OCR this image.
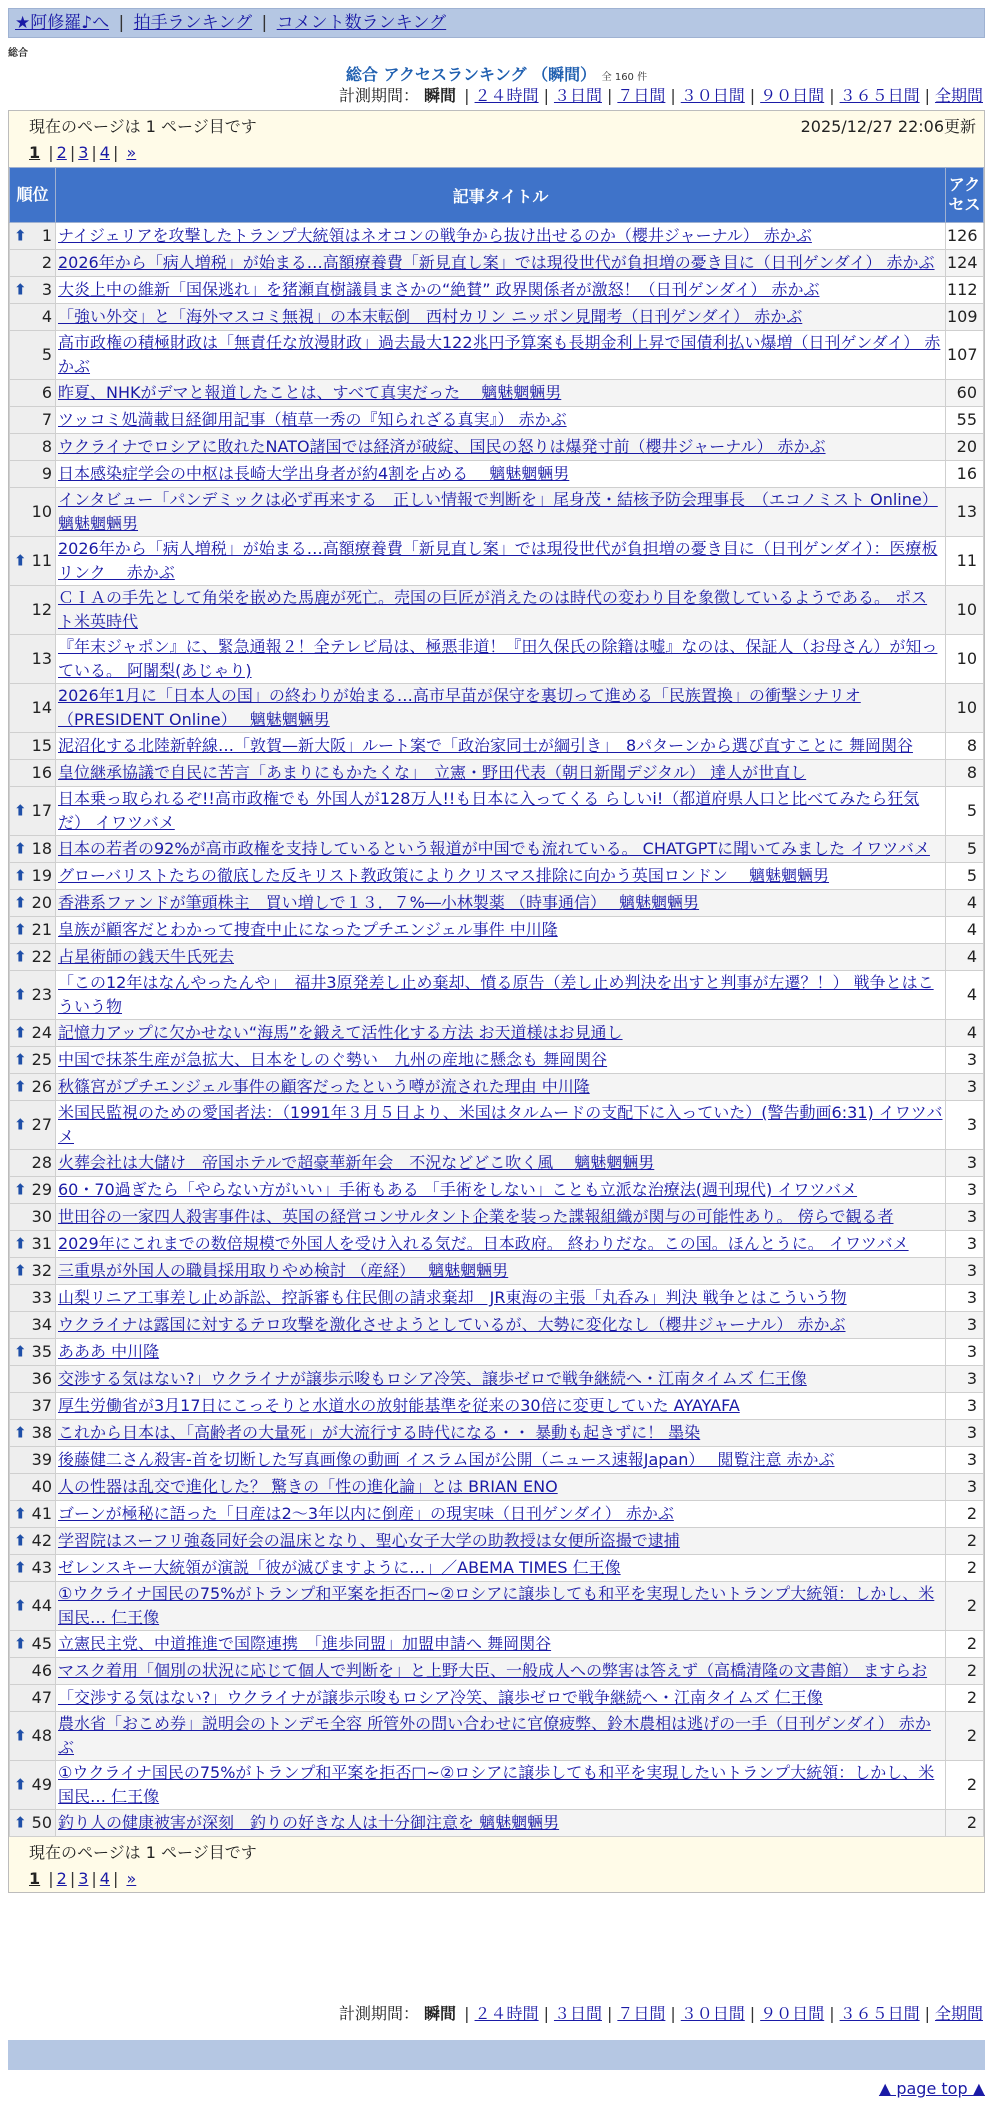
★阿修羅♪へ | 拍手ランキング | コメント数ランキング
総合
総合 アクセスランキング （瞬間） 全 160 件
計測期間： 瞬間 | ２４時間 | ３日間 | ７日間 | ３０日間 | ９０日間 | ３６５日間 | 全期間
現在のページは 1 ページ目です	2025/12/27 22:06更新
1 | 2 | 3 | 4 | »
順位	記事タイトル	アクセス

⬆ 1	ナイジェリアを攻撃したトランプ大統領はネオコンの戦争から抜け出せるのか（櫻井ジャーナル） 赤かぶ	126
2	2026年から「病人増税」が始まる…高額療養費「新見直し案」では現役世代が負担増の憂き目に（日刊ゲンダイ） 赤かぶ	124

⬆ 3	大炎上中の維新「国保逃れ」を猪瀬直樹議員まさかの“絶賛” 政界関係者が激怒！（日刊ゲンダイ） 赤かぶ	112
4	「強い外交」と「海外マスコミ無視」の本末転倒　西村カリン ニッポン見聞考（日刊ゲンダイ） 赤かぶ	109
5	高市政権の積極財政は「無責任な放漫財政」過去最大122兆円予算案も長期金利上昇で国債利払い爆増（日刊ゲンダイ） 赤かぶ	107
6	昨夏、NHKがデマと報道したことは、すべて真実だった　 魑魅魍魎男	60
7	ツッコミ処満載日経御用記事（植草一秀の『知られざる真実』） 赤かぶ	55
8	ウクライナでロシアに敗れたNATO諸国では経済が破綻、国民の怒りは爆発寸前（櫻井ジャーナル） 赤かぶ	20
9	日本感染症学会の中枢は長崎大学出身者が約4割を占める　 魑魅魍魎男	16
10	インタビュー「パンデミックは必ず再来する　正しい情報で判断を」尾身茂・結核予防会理事長　（エコノミスト Online） 魑魅魍魎男	13

⬆ 11	2026年から「病人増税」が始まる…高額療養費「新見直し案」では現役世代が負担増の憂き目に（日刊ゲンダイ）：医療板リンク　 赤かぶ	11
12	ＣＩＡの手先として角栄を嵌めた馬鹿が死亡。売国の巨匠が消えたのは時代の変わり目を象徴しているようである。 ポスト米英時代	10
13	『年末ジャポン』に、緊急通報２！全テレビ局は、極悪非道！『田久保氏の除籍は嘘』なのは、保証人（お母さん）が知っている。 阿闍梨(あじゃり)	10
14	2026年1月に「日本人の国」の終わりが始まる…高市早苗が保守を裏切って進める「民族置換」の衝撃シナリオ （PRESIDENT Online）　 魑魅魍魎男	10
15	泥沼化する北陸新幹線…「敦賀—新大阪」ルート案で「政治家同士が綱引き」　8パターンから選び直すことに 舞岡関谷	8
16	皇位継承協議で自民に苦言「あまりにもかたくな」　立憲・野田代表（朝日新聞デジタル） 達人が世直し	8

⬆ 17	日本乗っ取られるぞ!!高市政権でも 外国人が128万人!!も日本に入ってくる らしいi!（都道府県人口と比べてみたら狂気だ） イワツバメ	5

⬆ 18	日本の若者の92%が高市政権を支持しているという報道が中国でも流れている。 CHATGPTに聞いてみました イワツバメ	5

⬆ 19	グローバリストたちの徹底した反キリスト教政策によりクリスマス排除に向かう英国ロンドン　 魑魅魍魎男	5

⬆ 20	香港系ファンドが筆頭株主　買い増しで１３．７%―小林製薬 （時事通信）　 魑魅魍魎男	4

⬆ 21	皇族が顧客だとわかって捜査中止になったプチエンジェル事件 中川隆	4

⬆ 22	占星術師の銭天牛氏死去	4

⬆ 23	「この12年はなんやったんや」　福井3原発差し止め棄却、憤る原告（差し止め判決を出すと判事が左遷？！） 戦争とはこういう物	4

⬆ 24	記憶力アップに欠かせない“海馬”を鍛えて活性化する方法 お天道様はお見通し	4

⬆ 25	中国で抹茶生産が急拡大、日本をしのぐ勢い　九州の産地に懸念も 舞岡関谷	3

⬆ 26	秋篠宮がプチエンジェル事件の顧客だったという噂が流された理由 中川隆	3

⬆ 27	米国民監視のための愛国者法：（1991年３月５日より、米国はタルムードの支配下に入っていた）(警告動画6:31) イワツバメ	3
28	火葬会社は大儲け　帝国ホテルで超豪華新年会　不況などどこ吹く風　 魑魅魍魎男	3

⬆ 29	60・70過ぎたら「やらない方がいい」手術もある 「手術をしない」ことも立派な治療法(週刊現代) イワツバメ	3
30	世田谷の一家四人殺害事件は、英国の経営コンサルタント企業を装った諜報組織が関与の可能性あり。 傍らで観る者	3

⬆ 31	2029年にこれまでの数倍規模で外国人を受け入れる気だ。日本政府。 終わりだな。この国。ほんとうに。 イワツバメ	3

⬆ 32	三重県が外国人の職員採用取りやめ検討 （産経）　 魑魅魍魎男	3
33	山梨リニア工事差し止め訴訟、控訴審も住民側の請求棄却　JR東海の主張「丸呑み」判決 戦争とはこういう物	3
34	ウクライナは露国に対するテロ攻撃を激化させようとしているが、大勢に変化なし（櫻井ジャーナル） 赤かぶ	3

⬆ 35	あああ 中川隆	3
36	交渉する気はない?」ウクライナが譲歩示唆もロシア冷笑、譲歩ゼロで戦争継続へ・江南タイムズ 仁王像	3
37	厚生労働省が3月17日にこっそりと水道水の放射能基準を従来の30倍に変更していた AYAYAFA	3

⬆ 38	これから日本は、「高齢者の大量死」が大流行する時代になる・・ 暴動も起きずに！ 墨染	3
39	後藤健二さん殺害-首を切断した写真画像の動画 イスラム国が公開（ニュース速報Japan）　 閲覧注意 赤かぶ	3
40	人の性器は乱交で進化した？ 驚きの「性の進化論」とは BRIAN ENO	3

⬆ 41	ゴーンが極秘に語った「日産は2～3年以内に倒産」の現実味（日刊ゲンダイ） 赤かぶ	2

⬆ 42	学習院はスーフリ強姦同好会の温床となり、聖心女子大学の助教授は女便所盗撮で逮捕	2

⬆ 43	ゼレンスキー大統領が演説「彼が滅びますように…」／ABEMA TIMES 仁王像	2

⬆ 44	①ウクライナ国民の75%がトランプ和平案を拒否□~②ロシアに譲歩しても和平を実現したいトランプ大統領：しかし、米国民… 仁王像	2

⬆ 45	立憲民主党、中道推進で国際連携　「進歩同盟」加盟申請へ 舞岡関谷	2
46	マスク着用「個別の状況に応じて個人で判断を」と上野大臣、一般成人への弊害は答えず（高橋清隆の文書館） ますらお	2
47	「交渉する気はない?」ウクライナが譲歩示唆もロシア冷笑、譲歩ゼロで戦争継続へ・江南タイムズ 仁王像	2

⬆ 48	農水省「おこめ券」説明会のトンデモ全容 所管外の問い合わせに官僚疲弊、鈴木農相は逃げの一手（日刊ゲンダイ） 赤かぶ	2

⬆ 49	①ウクライナ国民の75%がトランプ和平案を拒否□~②ロシアに譲歩しても和平を実現したいトランプ大統領：しかし、米国民… 仁王像	2

⬆ 50	釣り人の健康被害が深刻　釣りの好きな人は十分御注意を 魑魅魍魎男	2
現在のページは 1 ページ目です
1 | 2 | 3 | 4 | »
計測期間： 瞬間 | ２４時間 | ３日間 | ７日間 | ３０日間 | ９０日間 | ３６５日間 | 全期間
▲ page top ▲
